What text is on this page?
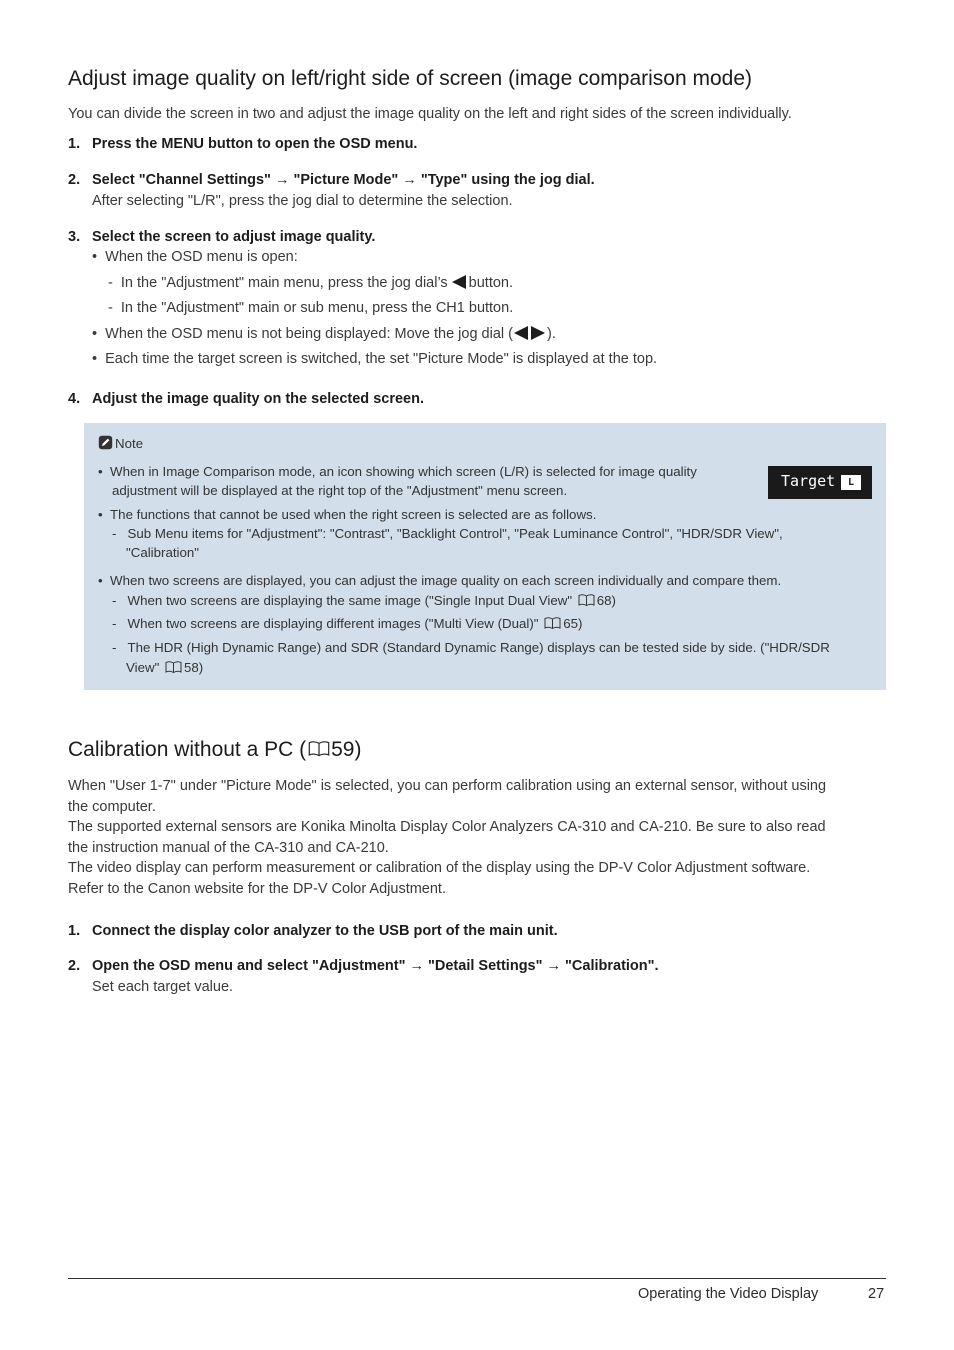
Adjust image quality on left/right side of screen (image comparison mode)
You can divide the screen in two and adjust the image quality on the left and right sides of the screen individually.
1. Press the MENU button to open the OSD menu.
2. Select "Channel Settings" → "Picture Mode" → "Type" using the jog dial.
After selecting "L/R", press the jog dial to determine the selection.
3. Select the screen to adjust image quality.
•  When the OSD menu is open:
-  In the "Adjustment" main menu, press the jog dial’s button.
-  In the "Adjustment" main or sub menu, press the CH1 button.
•  When the OSD menu is not being displayed: Move the jog dial ( ).
•  Each time the target screen is switched, the set "Picture Mode" is displayed at the top.
4. Adjust the image quality on the selected screen.
Note
•  When in Image Comparison mode, an icon showing which screen (L/R) is selected for image quality
adjustment will be displayed at the right top of the "Adjustment" menu screen.
Target	L
•  The functions that cannot be used when the right screen is selected are as follows.
-   Sub Menu items for "Adjustment": "Contrast", "Backlight Control", "Peak Luminance Control", "HDR/SDR View",
"Calibration"
•  When two screens are displayed, you can adjust the image quality on each screen individually and compare them.
-   When two screens are displaying the same image ("Single Input Dual View" 68)
-   When two screens are displaying different images ("Multi View (Dual)" 65)
-   The HDR (High Dynamic Range) and SDR (Standard Dynamic Range) displays can be tested side by side. ("HDR/SDR
View" 58)
Calibration without a PC ( 59)
When "User 1-7" under "Picture Mode" is selected, you can perform calibration using an external sensor, without using
the computer.
The supported external sensors are Konika Minolta Display Color Analyzers CA-310 and CA-210. Be sure to also read
the instruction manual of the CA-310 and CA-210.
The video display can perform measurement or calibration of the display using the DP-V Color Adjustment software.
Refer to the Canon website for the DP-V Color Adjustment.
1. Connect the display color analyzer to the USB port of the main unit.
2. Open the OSD menu and select "Adjustment" → "Detail Settings" → "Calibration".
Set each target value.
Operating the Video Display	27
